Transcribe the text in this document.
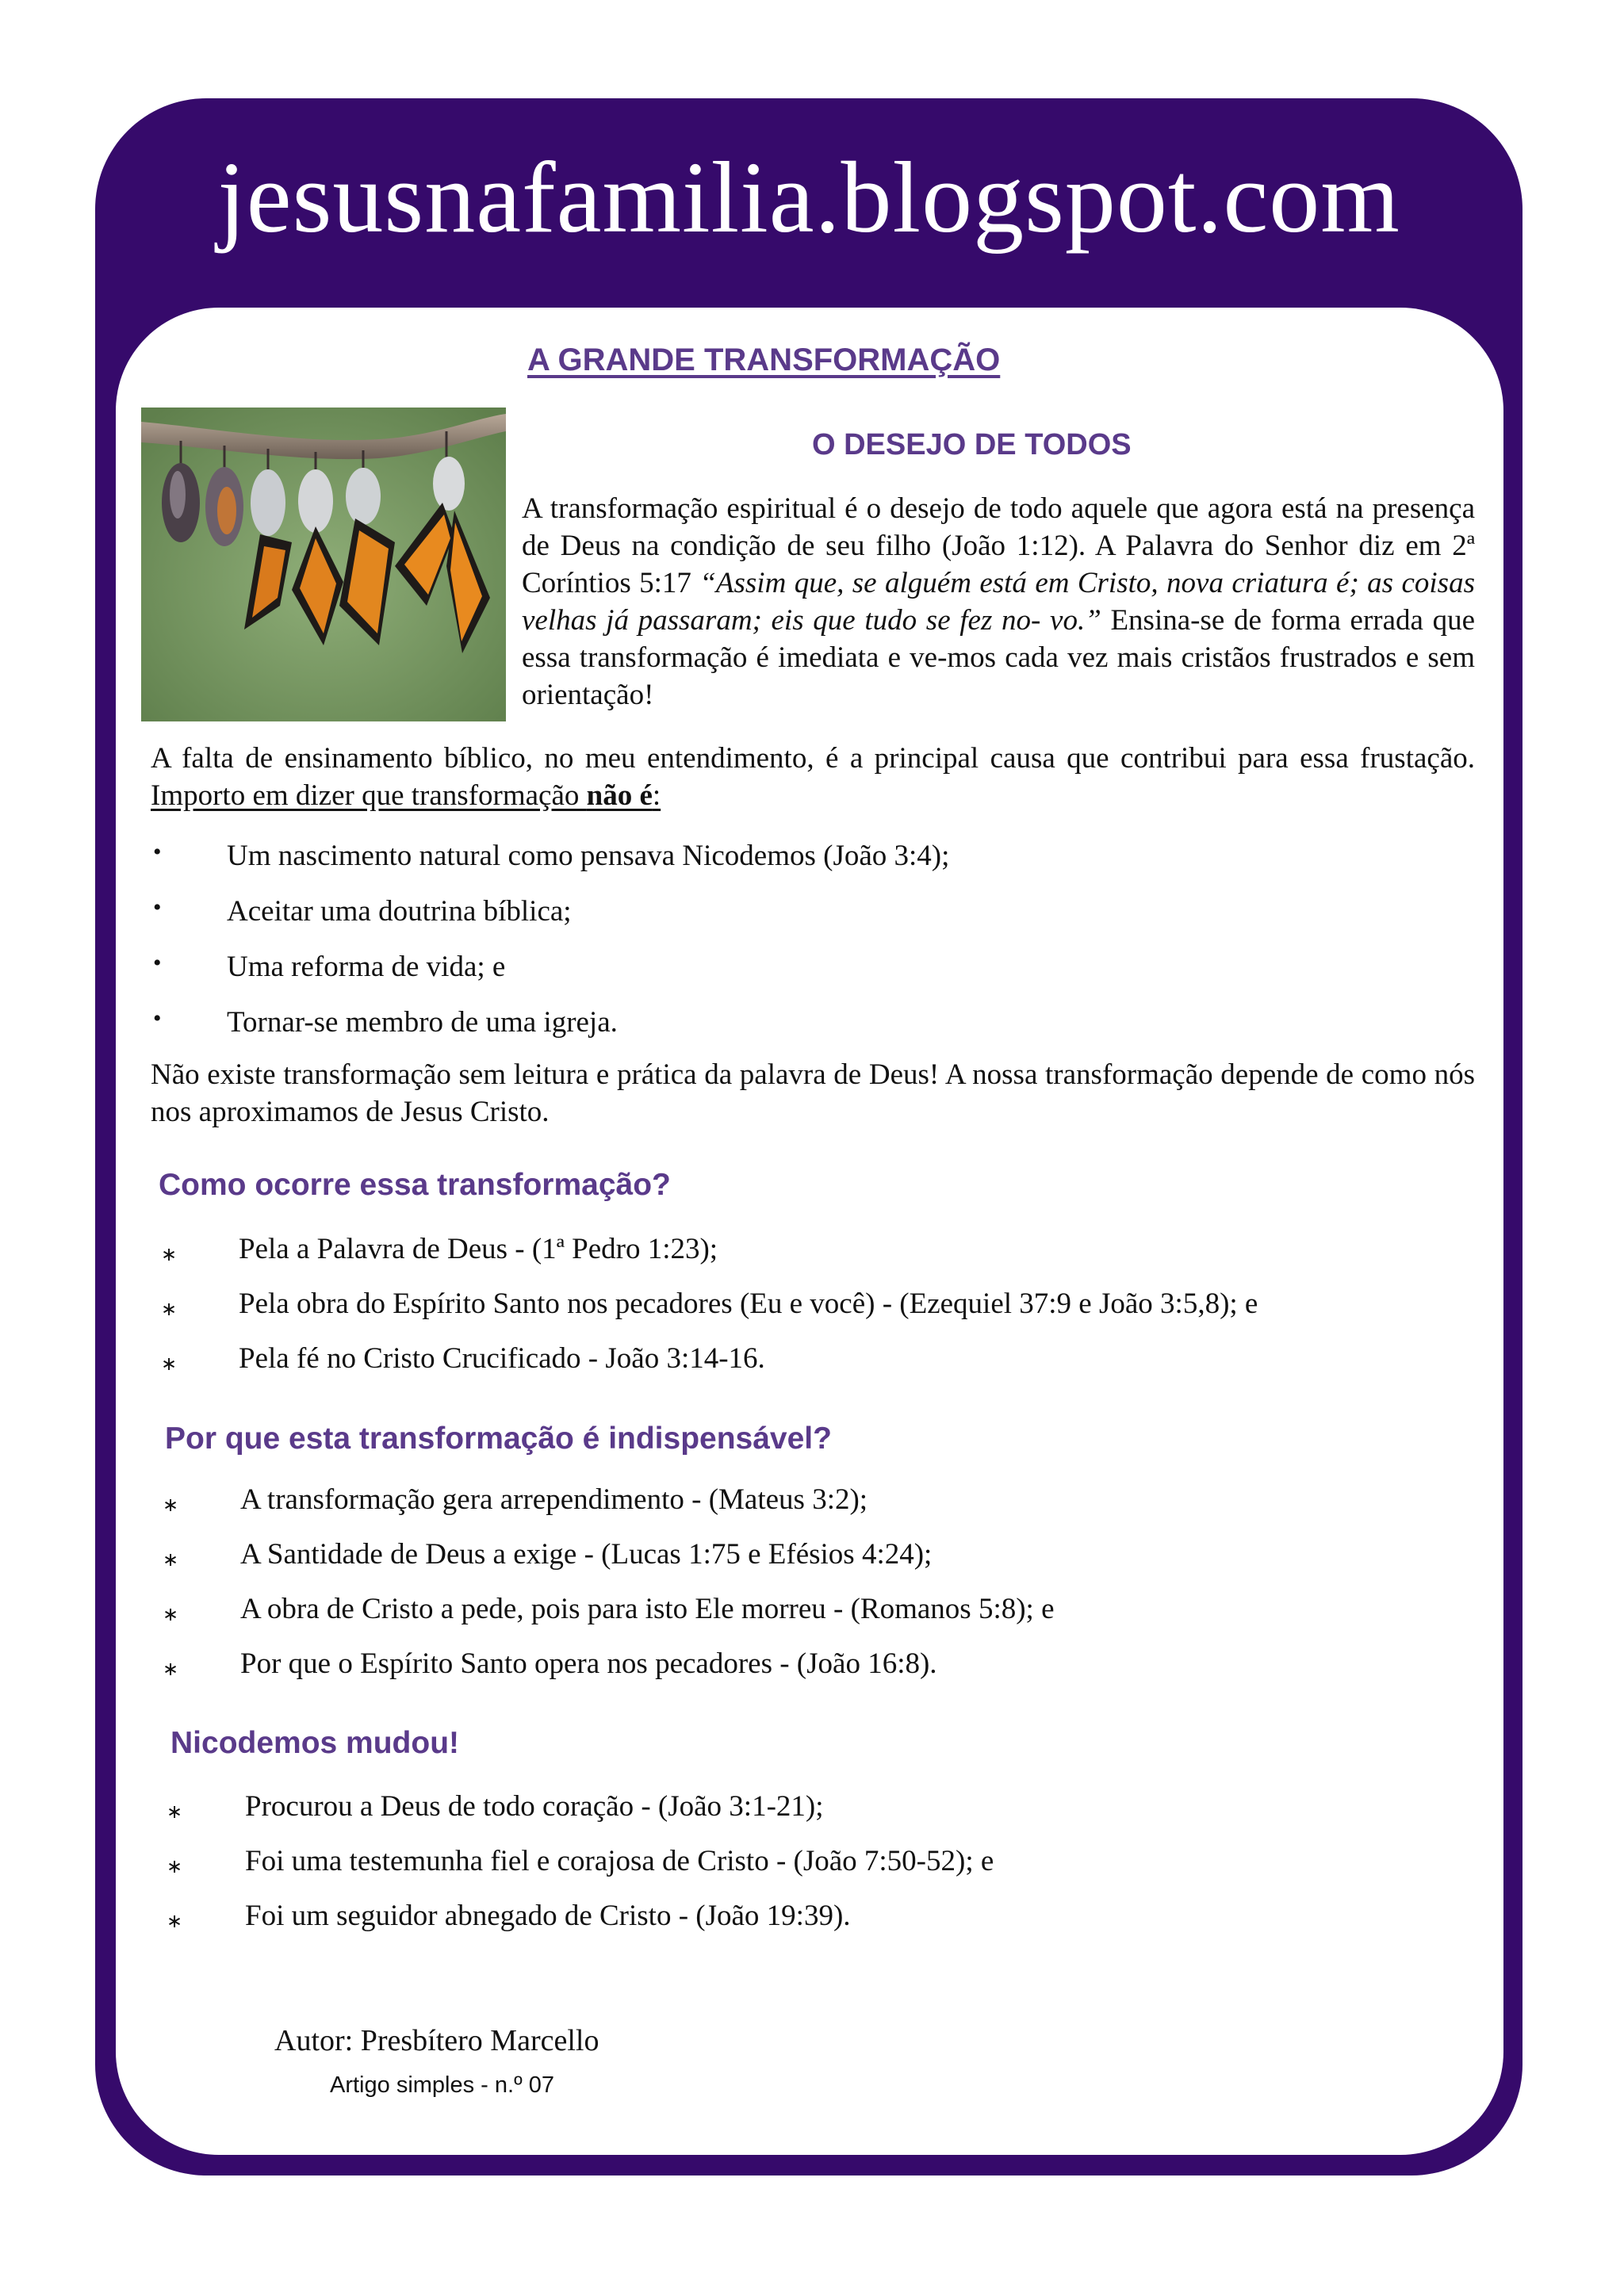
jesusnafamilia.blogspot.com
A GRANDE TRANSFORMAÇÃO
O DESEJO DE TODOS

A transformação espiritual é o desejo de todo aquele que agora está na presença de Deus na condição de seu filho (João 1:12). A Palavra do Senhor diz em 2ª Coríntios 5:17 “Assim que, se alguém está em Cristo, nova criatura é; as coisas velhas já passaram; eis que tudo se fez no- vo.” Ensina-se de forma errada que essa transformação é imediata e ve-mos cada vez mais cristãos frustrados e sem orientação!

A falta de ensinamento bíblico, no meu entendimento, é a principal causa que contribui para essa frustação. Importo em dizer que transformação não é:

• Um nascimento natural como pensava Nicodemos (João 3:4);
• Aceitar uma doutrina bíblica;
• Uma reforma de vida; e
• Tornar-se membro de uma igreja.

Não existe transformação sem leitura e prática da palavra de Deus! A nossa transformação depende de como nós nos aproximamos de Jesus Cristo.

Como ocorre essa transformação?
∗ Pela a Palavra de Deus - (1ª Pedro 1:23);
∗ Pela obra do Espírito Santo nos pecadores (Eu e você) - (Ezequiel 37:9 e João 3:5,8); e
∗ Pela fé no Cristo Crucificado - João 3:14-16.
Por que esta transformação é indispensável?
∗ A transformação gera arrependimento - (Mateus 3:2);
∗ A Santidade de Deus a exige - (Lucas 1:75 e Efésios 4:24);
∗ A obra de Cristo a pede, pois para isto Ele morreu - (Romanos 5:8); e
∗ Por que o Espírito Santo opera nos pecadores - (João 16:8).
Nicodemos mudou!
∗ Procurou a Deus de todo coração - (João 3:1-21);
∗ Foi uma testemunha fiel e corajosa de Cristo - (João 7:50-52); e
∗ Foi um seguidor abnegado de Cristo - (João 19:39).
Autor: Presbítero Marcello
Artigo simples - n.º 07
